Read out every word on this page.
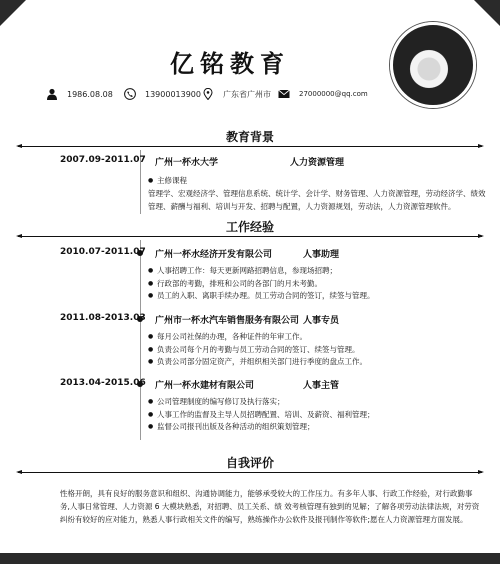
亿铭教育
1986.08.08	13900013900	广东省广州市	27000000@qq.com
教育背景
2007.09-2011.07 广州一杯水大学	人力资源管理
● 主修课程
管理学、宏观经济学、管理信息系统、统计学、会计学、财务管理、人力资源管理，劳动经济学、绩效管理、薪酬与福利、培训与开发、招聘与配置，人力资源规划，劳动法，人力资源管理软件。
工作经验
2010.07-2011.07 广州一杯水经济开发有限公司	人事助理
● 人事招聘工作：每天更新网路招聘信息，参现场招聘；
● 行政部的考勤，排班和公司的各部门的月未考勤。
● 员工的入职、离职手续办理。员工劳动合同的签订，续签与管理。
2011.08-2013.03 广州市一杯水汽车销售服务有限公司 人事专员
● 每月公司社保的办理，各种证件的年审工作。
● 负责公司每个月的考勤与员工劳动合同的签订、续签与管理。
● 负责公司部分固定资产，并组织相关部门进行季度的盘点工作。
2013.04-2015.06 广州一杯水建材有限公司	人事主管
● 公司管理制度的编写修订及执行落实；
● 人事工作的监督及主导人员招聘配置、培训、及薪资、福利管理；
● 监督公司报刊出版及各种活动的组织策划管理；
自我评价
性格开朗，具有良好的服务意识和组织、沟通协调能力，能够承受较大的工作压力。有多年人事、行政工作经验，对行政勤事务,人事日常管理、人力资源 6 大模块熟悉，对招聘、员工关系、绩 效考核管理有独到的见解；了解各项劳动法律法规，对劳资纠纷有较好的应对能力，熟悉人事行政相关文件的编写，熟练操作办公软件及报刊制作等软件;愿在人力资源管理方面发展。
